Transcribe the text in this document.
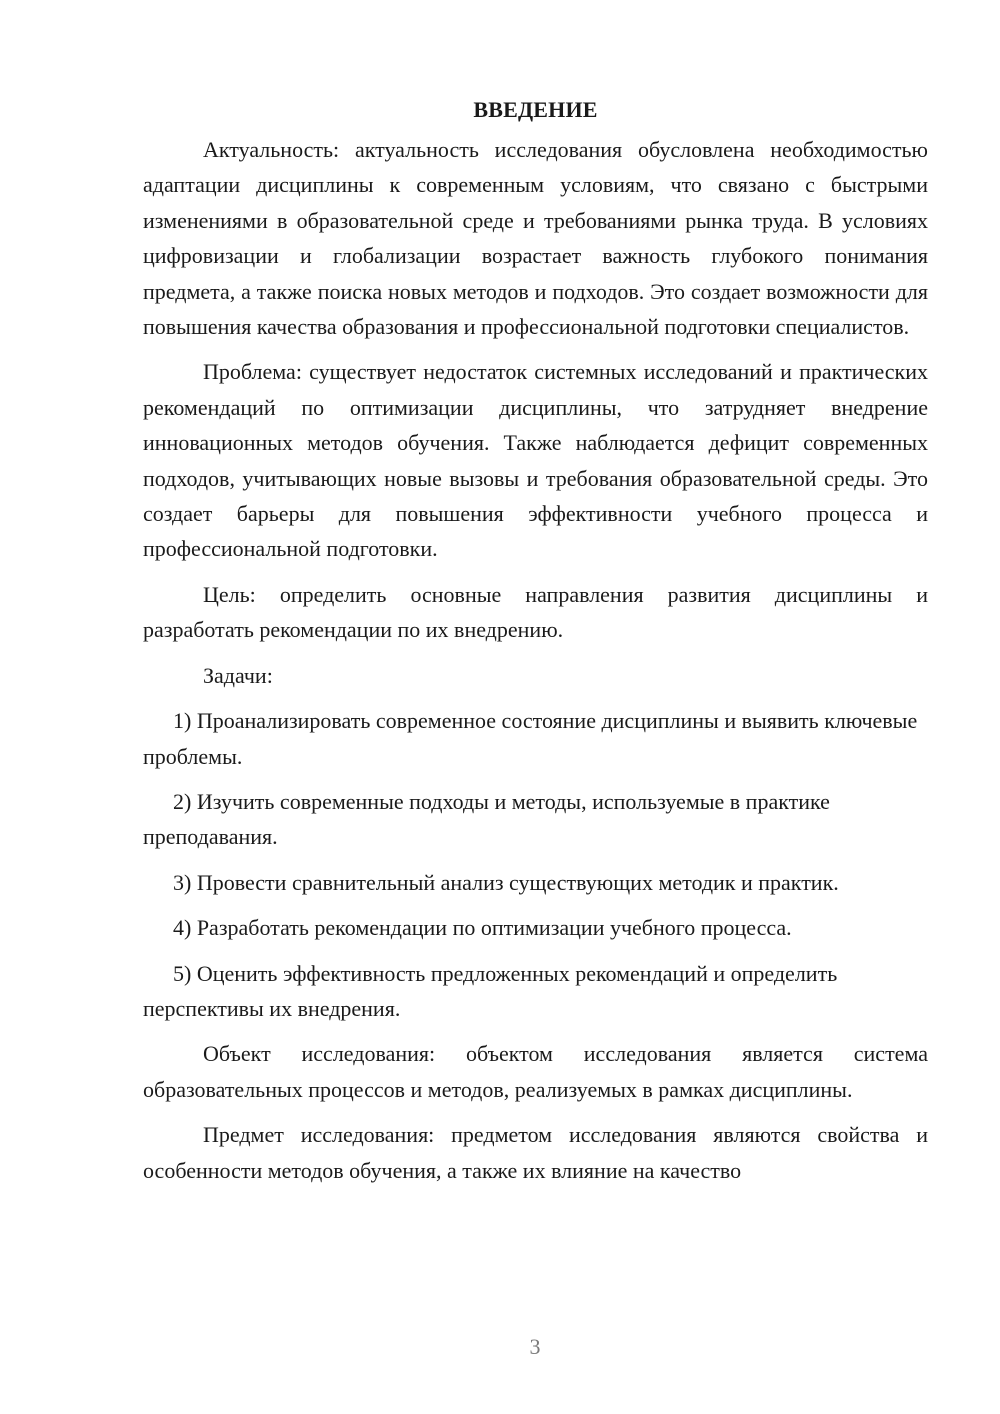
ВВЕДЕНИЕ

Актуальность: актуальность исследования обусловлена необходимостью адаптации дисциплины к современным условиям, что связано с быстрыми изменениями в образовательной среде и требованиями рынка труда. В условиях цифровизации и глобализации возрастает важность глубокого понимания предмета, а также поиска новых методов и подходов. Это создает возможности для повышения качества образования и профессиональной подготовки специалистов.

Проблема: существует недостаток системных исследований и практических рекомендаций по оптимизации дисциплины, что затрудняет внедрение инновационных методов обучения. Также наблюдается дефицит современных подходов, учитывающих новые вызовы и требования образовательной среды. Это создает барьеры для повышения эффективности учебного процесса и профессиональной подготовки.

Цель: определить основные направления развития дисциплины и разработать рекомендации по их внедрению.

Задачи:

1) Проанализировать современное состояние дисциплины и выявить ключевые проблемы.

2) Изучить современные подходы и методы, используемые в практике преподавания.

3) Провести сравнительный анализ существующих методик и практик.

4) Разработать рекомендации по оптимизации учебного процесса.

5) Оценить эффективность предложенных рекомендаций и определить перспективы их внедрения.

Объект исследования: объектом исследования является система образовательных процессов и методов, реализуемых в рамках дисциплины.

Предмет исследования: предметом исследования являются свойства и особенности методов обучения, а также их влияние на качество

3
